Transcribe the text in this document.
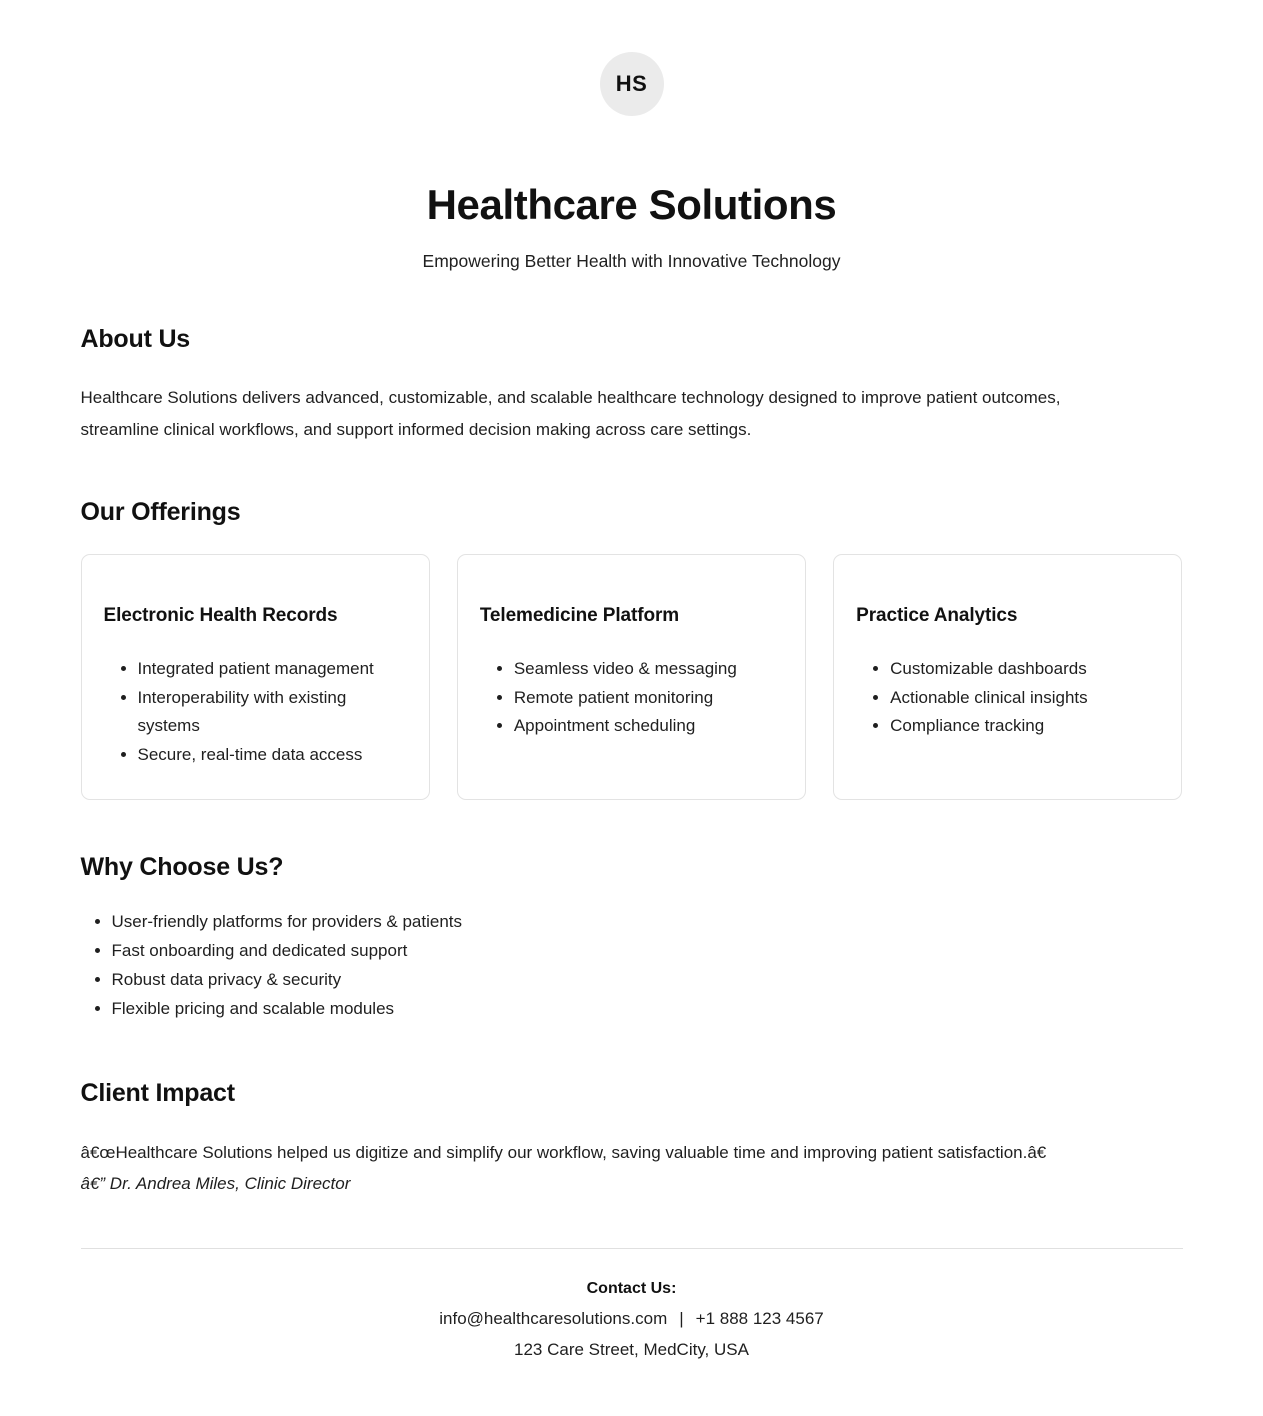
HS
Healthcare Solutions

Empowering Better Health with Innovative Technology

About Us

Healthcare Solutions delivers advanced, customizable, and scalable healthcare technology designed to improve patient outcomes, streamline clinical workflows, and support informed decision making across care settings.

Our Offerings
Electronic Health Records
• Integrated patient management
• Interoperability with existing systems
• Secure, real-time data access
Telemedicine Platform
• Seamless video & messaging
• Remote patient monitoring
• Appointment scheduling
Practice Analytics
• Customizable dashboards
• Actionable clinical insights
• Compliance tracking
Why Choose Us?
• User-friendly platforms for providers & patients
• Fast onboarding and dedicated support
• Robust data privacy & security
• Flexible pricing and scalable modules
Client Impact

â€œHealthcare Solutions helped us digitize and simplify our workflow, saving valuable time and improving patient satisfaction.â€
â€” Dr. Andrea Miles, Clinic Director

Contact Us:

info@healthcaresolutions.com | +1 888 123 4567

123 Care Street, MedCity, USA
